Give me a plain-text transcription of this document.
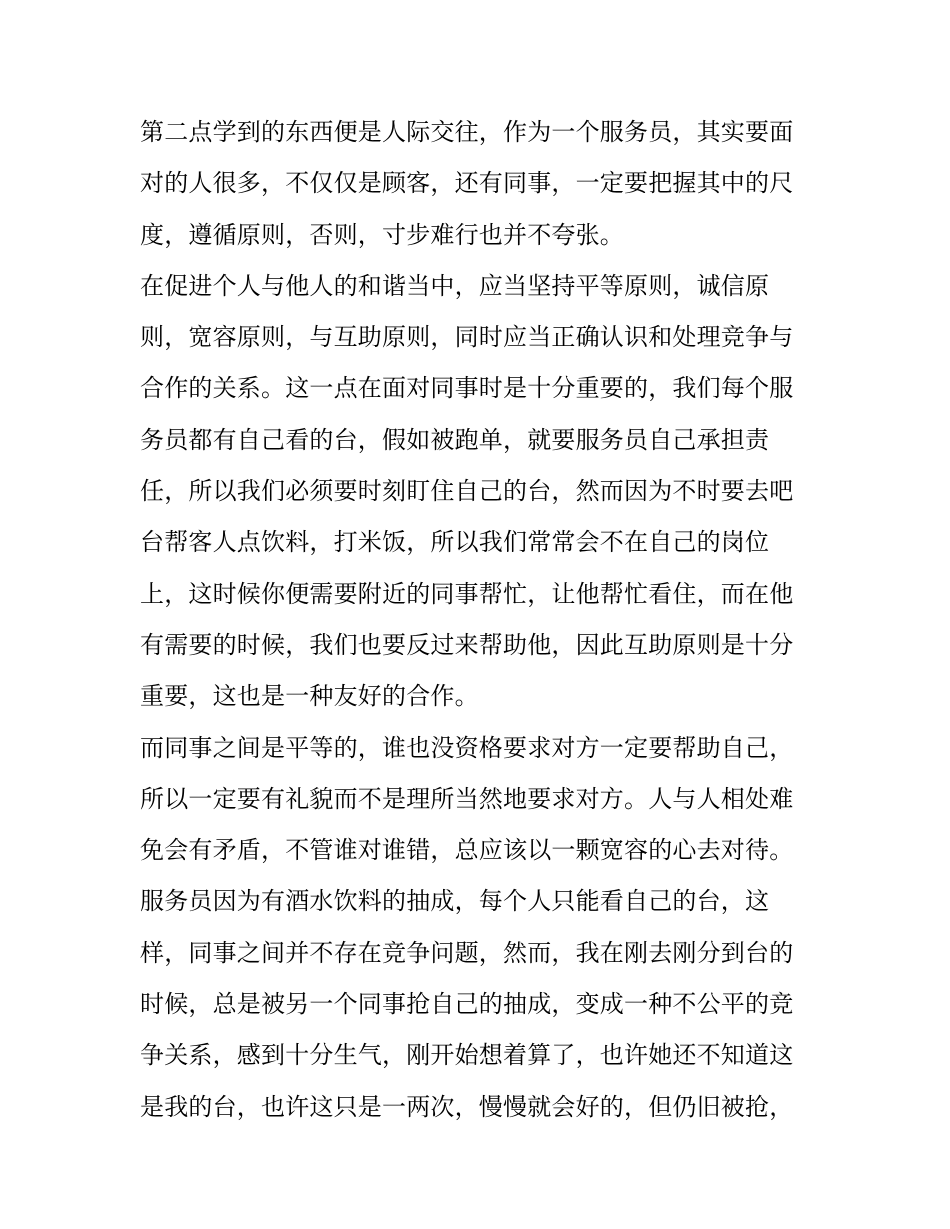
第二点学到的东西便是人际交往，作为一个服务员，其实要面
对的人很多，不仅仅是顾客，还有同事，一定要把握其中的尺
度，遵循原则，否则，寸步难行也并不夸张。
在促进个人与他人的和谐当中，应当坚持平等原则，诚信原
则，宽容原则，与互助原则，同时应当正确认识和处理竞争与
合作的关系。这一点在面对同事时是十分重要的，我们每个服
务员都有自己看的台，假如被跑单，就要服务员自己承担责
任，所以我们必须要时刻盯住自己的台，然而因为不时要去吧
台帮客人点饮料，打米饭，所以我们常常会不在自己的岗位
上，这时候你便需要附近的同事帮忙，让他帮忙看住，而在他
有需要的时候，我们也要反过来帮助他，因此互助原则是十分
重要，这也是一种友好的合作。
而同事之间是平等的，谁也没资格要求对方一定要帮助自己，
所以一定要有礼貌而不是理所当然地要求对方。人与人相处难
免会有矛盾，不管谁对谁错，总应该以一颗宽容的心去对待。
服务员因为有酒水饮料的抽成，每个人只能看自己的台，这
样，同事之间并不存在竞争问题，然而，我在刚去刚分到台的
时候，总是被另一个同事抢自己的抽成，变成一种不公平的竞
争关系，感到十分生气，刚开始想着算了，也许她还不知道这
是我的台，也许这只是一两次，慢慢就会好的，但仍旧被抢，
